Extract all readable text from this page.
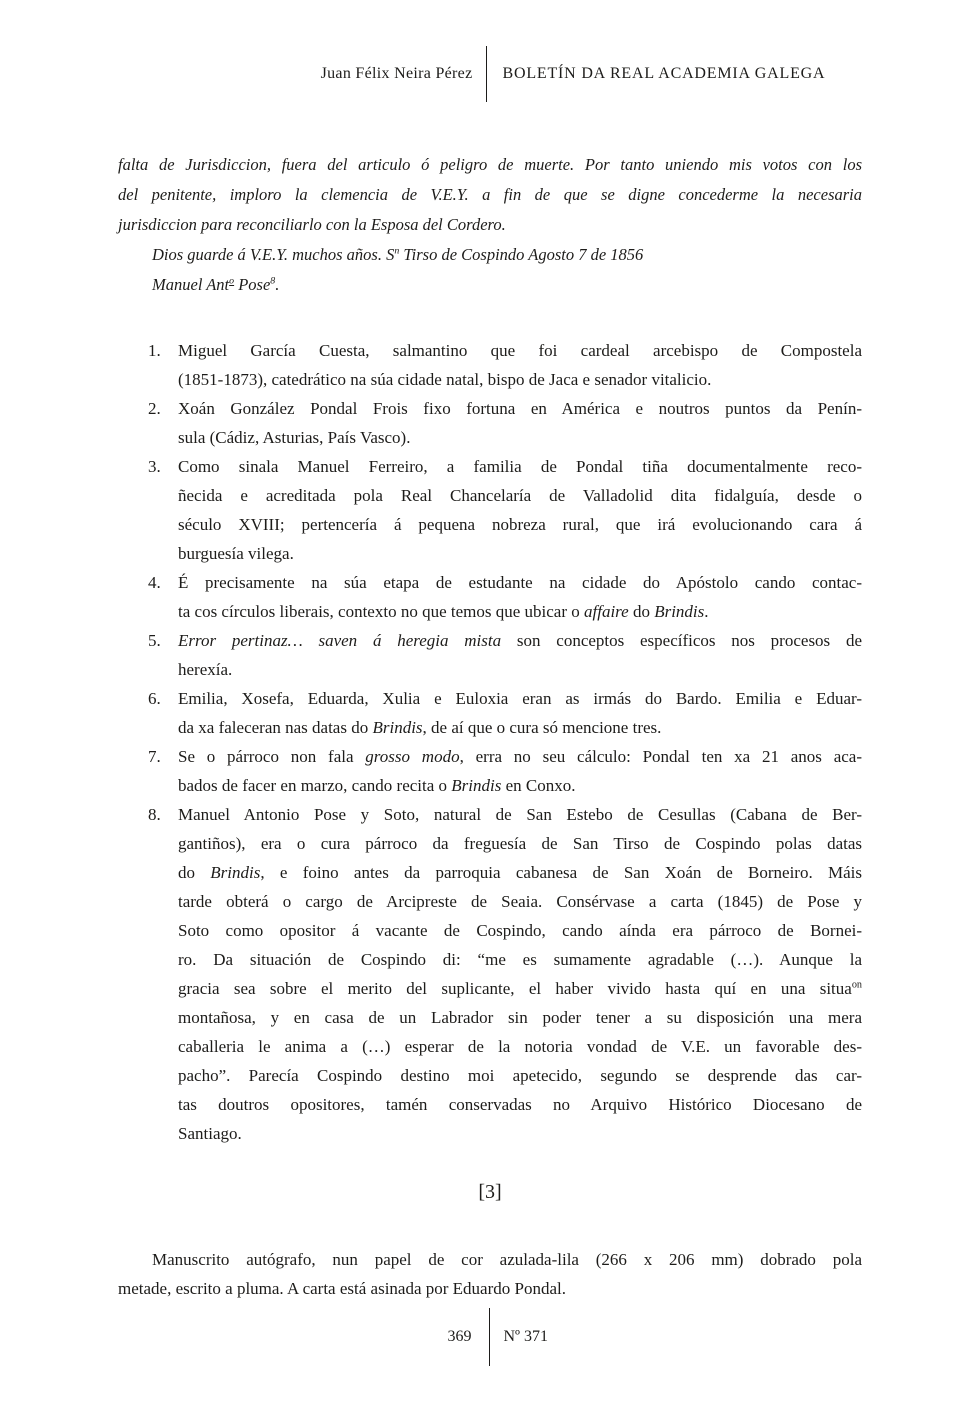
Juan Félix Neira Pérez	BOLETÍN DA REAL ACADEMIA GALEGA
falta de Jurisdiccion, fuera del articulo ó peligro de muerte. Por tanto uniendo mis votos con los
del penitente, imploro la clemencia de V.E.Y. a fin de que se digne concederme la necesaria
jurisdiccion para reconciliarlo con la Esposa del Cordero.
Dios guarde á V.E.Y. muchos años. $S^n$ Tirso de Cospindo Agosto 7 de 1856
Manuel Ant$^o$ Pose$^8$.
1.	Miguel García Cuesta, salmantino que foi cardeal arcebispo de Compostela
(1851-1873), catedrático na súa cidade natal, bispo de Jaca e senador vitalicio.
2.	Xoán González Pondal Frois fixo fortuna en América e noutros puntos da Penín-
sula (Cádiz, Asturias, País Vasco).
3.	Como sinala Manuel Ferreiro, a familia de Pondal tiña documentalmente reco-
ñecida e acreditada pola Real Chancelaría de Valladolid dita fidalguía, desde o
século XVIII; pertencería á pequena nobreza rural, que irá evolucionando cara á
burguesía vilega.
4.	É precisamente na súa etapa de estudante na cidade do Apóstolo cando contac-
ta cos círculos liberais, contexto no que temos que ubicar o affaire do Brindis.
5.	Error pertinaz… saven á heregia mista son conceptos específicos nos procesos de
herexía.
6.	Emilia, Xosefa, Eduarda, Xulia e Euloxia eran as irmás do Bardo. Emilia e Eduar-
da xa faleceran nas datas do Brindis, de aí que o cura só mencione tres.
7.	Se o párroco non fala grosso modo, erra no seu cálculo: Pondal ten xa 21 anos aca-
bados de facer en marzo, cando recita o Brindis en Conxo.
8.	Manuel Antonio Pose y Soto, natural de San Estebo de Cesullas (Cabana de Ber-
gantiños), era o cura párroco da freguesía de San Tirso de Cospindo polas datas
do Brindis, e foino antes da parroquia cabanesa de San Xoán de Borneiro. Máis
tarde obterá o cargo de Arcipreste de Seaia. Consérvase a carta (1845) de Pose y
Soto como opositor á vacante de Cospindo, cando aínda era párroco de Bornei-
ro. Da situación de Cospindo di: “me es sumamente agradable (…). Aunque la
gracia sea sobre el merito del suplicante, el haber vivido hasta quí en una situa$^{on}$
montañosa, y en casa de un Labrador sin poder tener a su disposición una mera
caballeria le anima a (…) esperar de la notoria vondad de V.E. un favorable des-
pacho”. Parecía Cospindo destino moi apetecido, segundo se desprende das car-
tas doutros opositores, tamén conservadas no Arquivo Histórico Diocesano de
Santiago.
[3]

Manuscrito autógrafo, nun papel de cor azulada-lila (266 x 206 mm) dobrado pola
metade, escrito a pluma. A carta está asinada por Eduardo Pondal.

369	Nº 371
